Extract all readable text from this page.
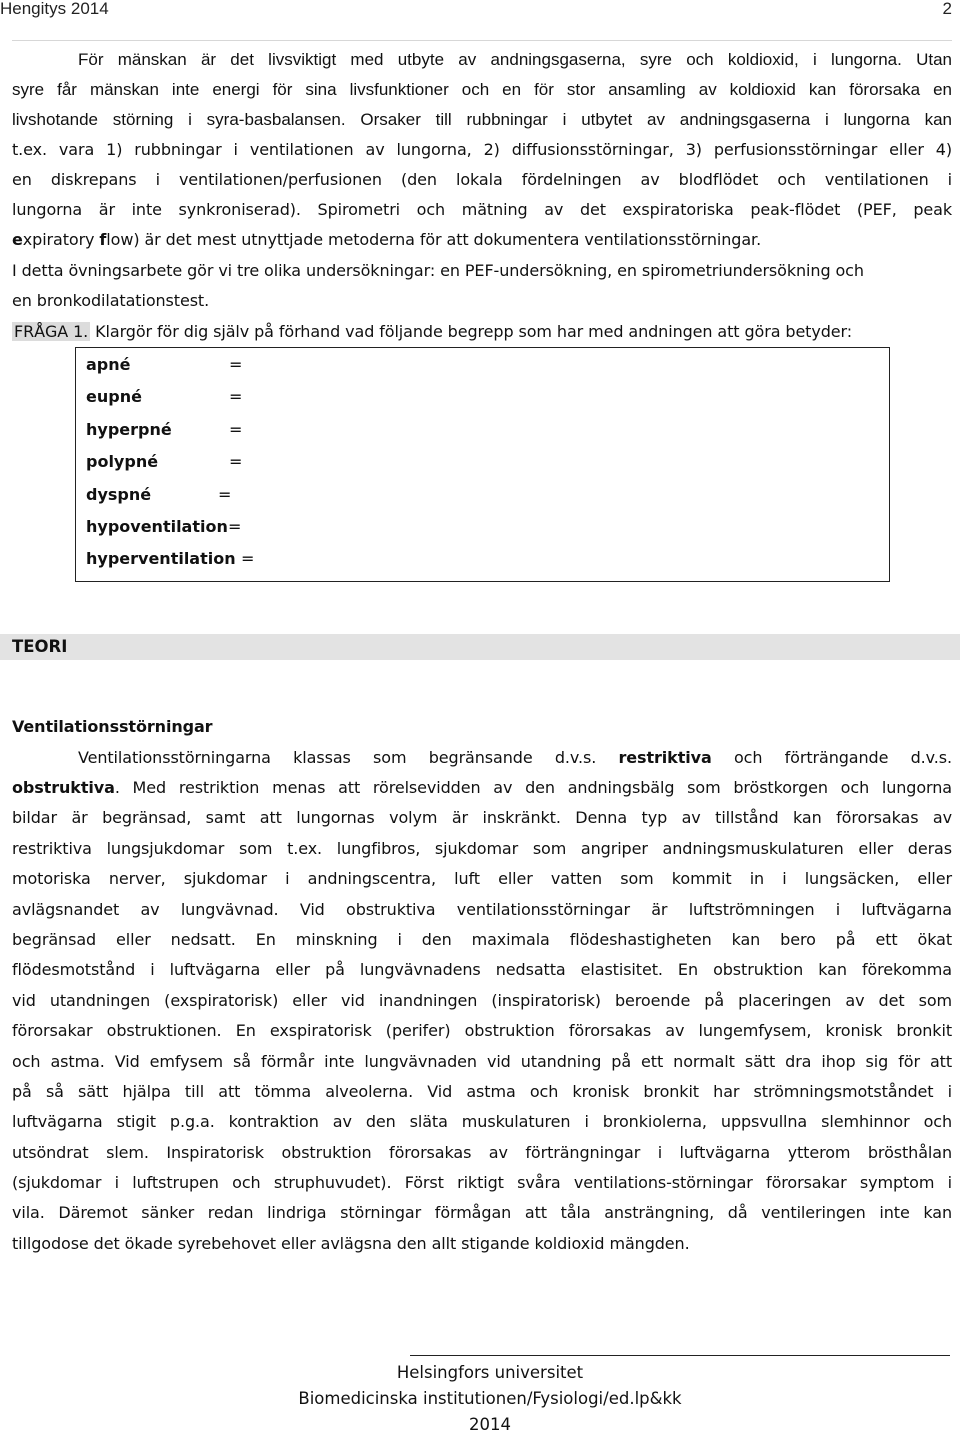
Hengitys 2014	2
För mänskan är det livsviktigt med utbyte av andningsgaserna, syre och koldioxid, i lungorna. Utan
syre får mänskan inte energi för sina livsfunktioner och en för stor ansamling av koldioxid kan förorsaka en
livshotande störning i syra-basbalansen. Orsaker till rubbningar i utbytet av andningsgaserna i lungorna kan
t.ex. vara 1) rubbningar i ventilationen av lungorna, 2) diffusionsstörningar, 3) perfusionsstörningar eller 4)
en diskrepans i ventilationen/perfusionen (den lokala fördelningen av blodflödet och ventilationen i
lungorna är inte synkroniserad). Spirometri och mätning av det exspiratoriska peak-flödet (PEF, peak
expiratory flow) är det mest utnyttjade metoderna för att dokumentera ventilationsstörningar.
I detta övningsarbete gör vi tre olika undersökningar: en PEF-undersökning, en spirometriundersökning och
en bronkodilatationstest.
FRÅGA 1. Klargör för dig själv på förhand vad följande begrepp som har med andningen att göra betyder:
apné	=
eupné	=
hyperpné	=
polypné	=
dyspné	=
hypoventilation =
hyperventilation =
TEORI
Ventilationsstörningar
Ventilationsstörningarna klassas som begränsande d.v.s. restriktiva och förträngande d.v.s.
obstruktiva. Med restriktion menas att rörelsevidden av den andningsbälg som bröstkorgen och lungorna
bildar är begränsad, samt att lungornas volym är inskränkt. Denna typ av tillstånd kan förorsakas av
restriktiva lungsjukdomar som t.ex. lungfibros, sjukdomar som angriper andningsmuskulaturen eller deras
motoriska nerver, sjukdomar i andningscentra, luft eller vatten som kommit in i lungsäcken, eller
avlägsnandet av lungvävnad. Vid obstruktiva ventilationsstörningar är luftströmningen i luftvägarna
begränsad eller nedsatt. En minskning i den maximala flödeshastigheten kan bero på ett ökat
flödesmotstånd i luftvägarna eller på lungvävnadens nedsatta elastisitet. En obstruktion kan förekomma
vid utandningen (exspiratorisk) eller vid inandningen (inspiratorisk) beroende på placeringen av det som
förorsakar obstruktionen. En exspiratorisk (perifer) obstruktion förorsakas av lungemfysem, kronisk bronkit
och astma. Vid emfysem så förmår inte lungvävnaden vid utandning på ett normalt sätt dra ihop sig för att
på så sätt hjälpa till att tömma alveolerna. Vid astma och kronisk bronkit har strömningsmotståndet i
luftvägarna stigit p.g.a. kontraktion av den släta muskulaturen i bronkiolerna, uppsvullna slemhinnor och
utsöndrat slem. Inspiratorisk obstruktion förorsakas av förträngningar i luftvägarna ytterom brösthålan
(sjukdomar i luftstrupen och struphuvudet). Först riktigt svåra ventilations-störningar förorsakar symptom i
vila. Däremot sänker redan lindriga störningar förmågan att tåla ansträngning, då ventileringen inte kan
tillgodose det ökade syrebehovet eller avlägsna den allt stigande koldioxid mängden.
Helsingfors universitet
Biomedicinska institutionen/Fysiologi/ed.lp&kk
2014
